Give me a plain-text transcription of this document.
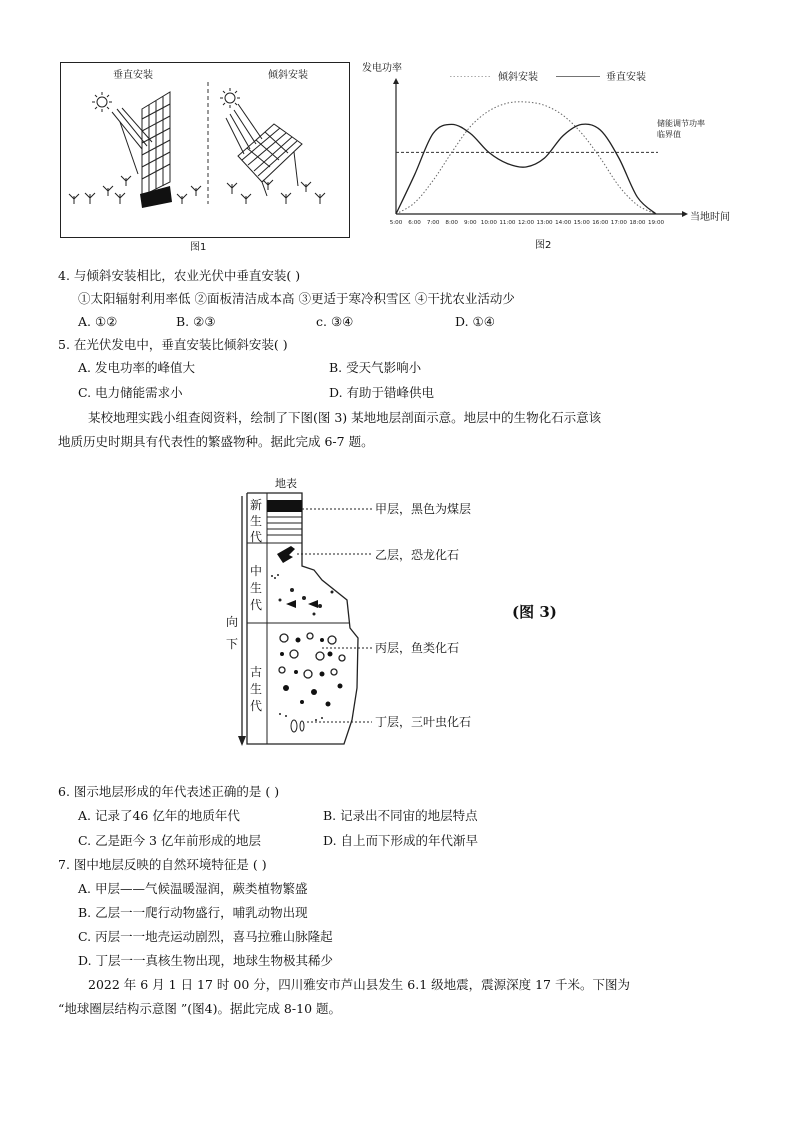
垂直安装	倾斜安装
图1
发电功率
倾斜安装	垂直安装
储能调节功率
临界值
当地时间
图2
5:00 6:00 7:00 8:00 9:00 10:00 11:00 12:00 13:00 14:00 15:00 16:00 17:00 18:00 19:00
4. 与倾斜安装相比，农业光伏中垂直安装( )
①太阳辐射利用率低 ②面板清洁成本高 ③更适于寒冷积雪区 ④干扰农业活动少
A. ①②	B. ②③	c. ③④	D. ①④
5. 在光伏发电中，垂直安装比倾斜安装( )
A. 发电功率的峰值大	B. 受天气影响小
C. 电力储能需求小	D. 有助于错峰供电
某校地理实践小组查阅资料，绘制了下图(图 3) 某地地层剖面示意。地层中的生物化石示意该
地质历史时期具有代表性的繁盛物种。据此完成 6-7 题。
地表
新
生
代
中
生
代
古
生
代
向
下
甲层，黑色为煤层
乙层，恐龙化石
丙层，鱼类化石
丁层，三叶虫化石
(图 3)
6. 图示地层形成的年代表述正确的是 ( )
A. 记录了46 亿年的地质年代	B. 记录出不同宙的地层特点
C. 乙是距今 3 亿年前形成的地层	D. 自上而下形成的年代渐早
7. 图中地层反映的自然环境特征是 ( )
A. 甲层——气候温暖湿润，蕨类植物繁盛
B. 乙层一一爬行动物盛行，哺乳动物出现
C. 丙层一一地壳运动剧烈，喜马拉雅山脉隆起
D. 丁层一一真核生物出现，地球生物极其稀少
2022 年 6 月 1 日 17 时 00 分，四川雅安市芦山县发生 6.1 级地震，震源深度 17 千米。下图为
“地球圈层结构示意图 ”(图4)。据此完成 8-10 题。
